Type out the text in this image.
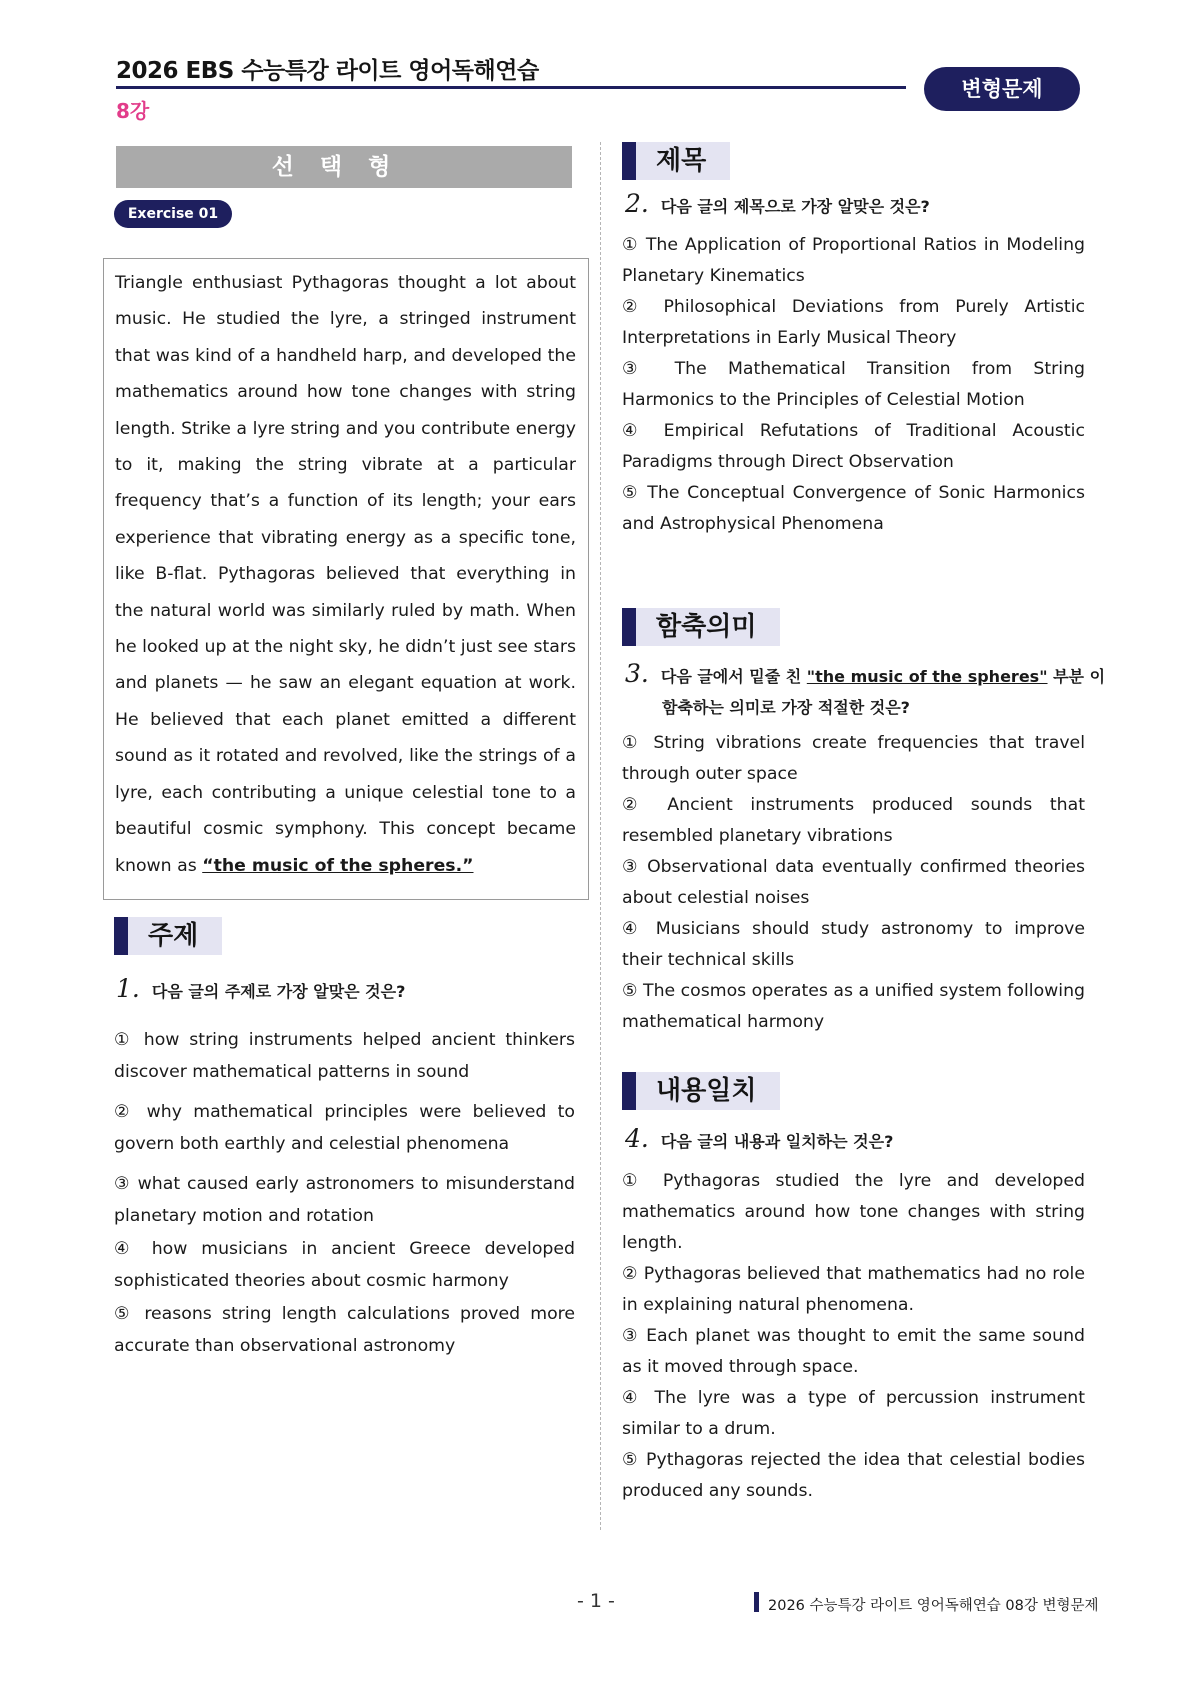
2026 EBS 수능특강 라이트 영어독해연습
8강
변형문제
선택형
Exercise 01
Triangle enthusiast Pythagoras thought a lot about music. He studied the lyre, a stringed instrument that was kind of a handheld harp, and developed the mathematics around how tone changes with string length. Strike a lyre string and you contribute energy to it, making the string vibrate at a particular frequency that’s a function of its length; your ears experience that vibrating energy as a specific tone, like B-flat. Pythagoras believed that everything in the natural world was similarly ruled by math. When he looked up at the night sky, he didn’t just see stars and planets — he saw an elegant equation at work. He believed that each planet emitted a different sound as it rotated and revolved, like the strings of a lyre, each contributing a unique celestial tone to a beautiful cosmic symphony. This concept became known as “the music of the spheres.”
주제
1. 다음 글의 주제로 가장 알맞은 것은?

① how string instruments helped ancient thinkers discover mathematical patterns in sound

② why mathematical principles were believed to govern both earthly and celestial phenomena

③ what caused early astronomers to misunderstand planetary motion and rotation

④ how musicians in ancient Greece developed sophisticated theories about cosmic harmony

⑤ reasons string length calculations proved more accurate than observational astronomy

제목
2. 다음 글의 제목으로 가장 알맞은 것은?

① The Application of Proportional Ratios in Modeling Planetary Kinematics

② Philosophical Deviations from Purely Artistic Interpretations in Early Musical Theory

③ The Mathematical Transition from String Harmonics to the Principles of Celestial Motion

④ Empirical Refutations of Traditional Acoustic Paradigms through Direct Observation

⑤ The Conceptual Convergence of Sonic Harmonics and Astrophysical Phenomena

함축의미
3. 다음 글에서 밑줄 친 "the music of the spheres" 부분 이 함축하는 의미로 가장 적절한 것은?

① String vibrations create frequencies that travel through outer space

② Ancient instruments produced sounds that resembled planetary vibrations

③ Observational data eventually confirmed theories about celestial noises

④ Musicians should study astronomy to improve their technical skills

⑤ The cosmos operates as a unified system following mathematical harmony

내용일치
4. 다음 글의 내용과 일치하는 것은?

① Pythagoras studied the lyre and developed mathematics around how tone changes with string length.

② Pythagoras believed that mathematics had no role in explaining natural phenomena.

③ Each planet was thought to emit the same sound as it moved through space.

④ The lyre was a type of percussion instrument similar to a drum.

⑤ Pythagoras rejected the idea that celestial bodies produced any sounds.

- 1 -	2026 수능특강 라이트 영어독해연습 08강 변형문제
